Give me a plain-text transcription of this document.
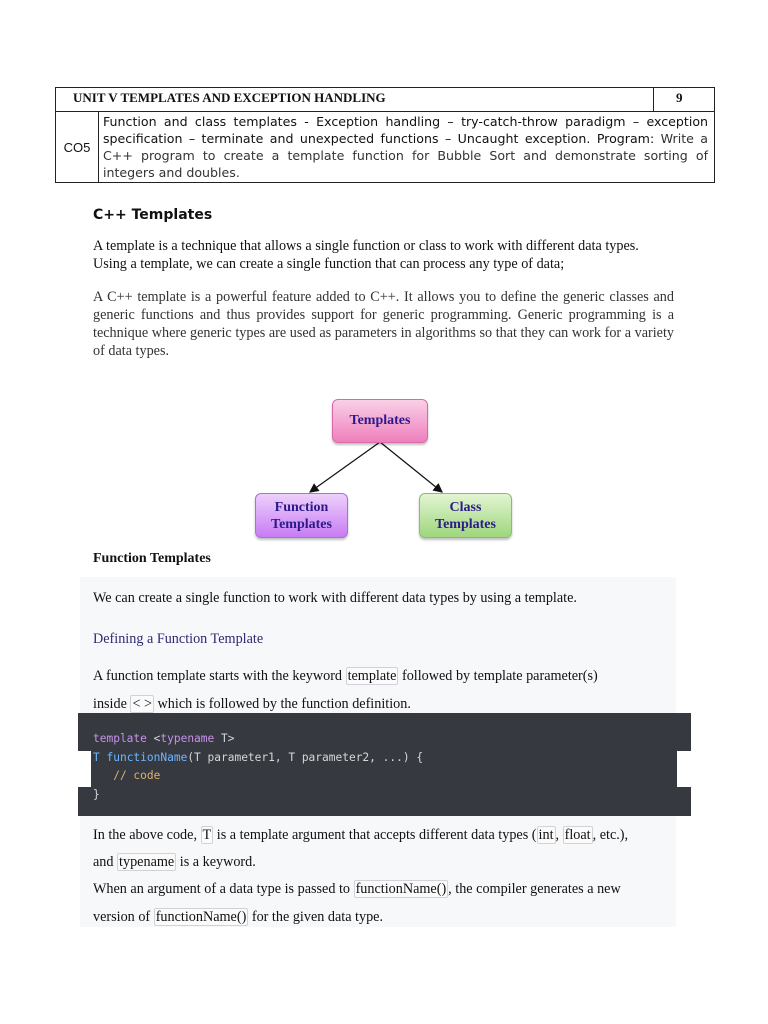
UNIT V TEMPLATES AND EXCEPTION HANDLING		9
CO5	Function and class templates - Exception handling – try-catch-throw paradigm – exception specification – terminate and unexpected functions – Uncaught exception. Program: Write a C++ program to create a template function for Bubble Sort and demonstrate sorting of integers and doubles.	
C++ Templates
A template is a technique that allows a single function or class to work with different data types. Using a template, we can create a single function that can process any type of data;
A C++ template is a powerful feature added to C++. It allows you to define the generic classes and generic functions and thus provides support for generic programming. Generic programming is a technique where generic types are used as parameters in algorithms so that they can work for a variety of data types.
Templates
Function
Templates
Class
Templates
Function Templates
We can create a single function to work with different data types by using a template.
Defining a Function Template
A function template starts with the keyword template followed by template parameter(s)
inside < > which is followed by the function definition.
template <typename T>
T functionName(T parameter1, T parameter2, ...) {
// code
}
In the above code, T is a template argument that accepts different data types ( int , float , etc.),
and typename is a keyword.
When an argument of a data type is passed to functionName() , the compiler generates a new
version of functionName() for the given data type.
